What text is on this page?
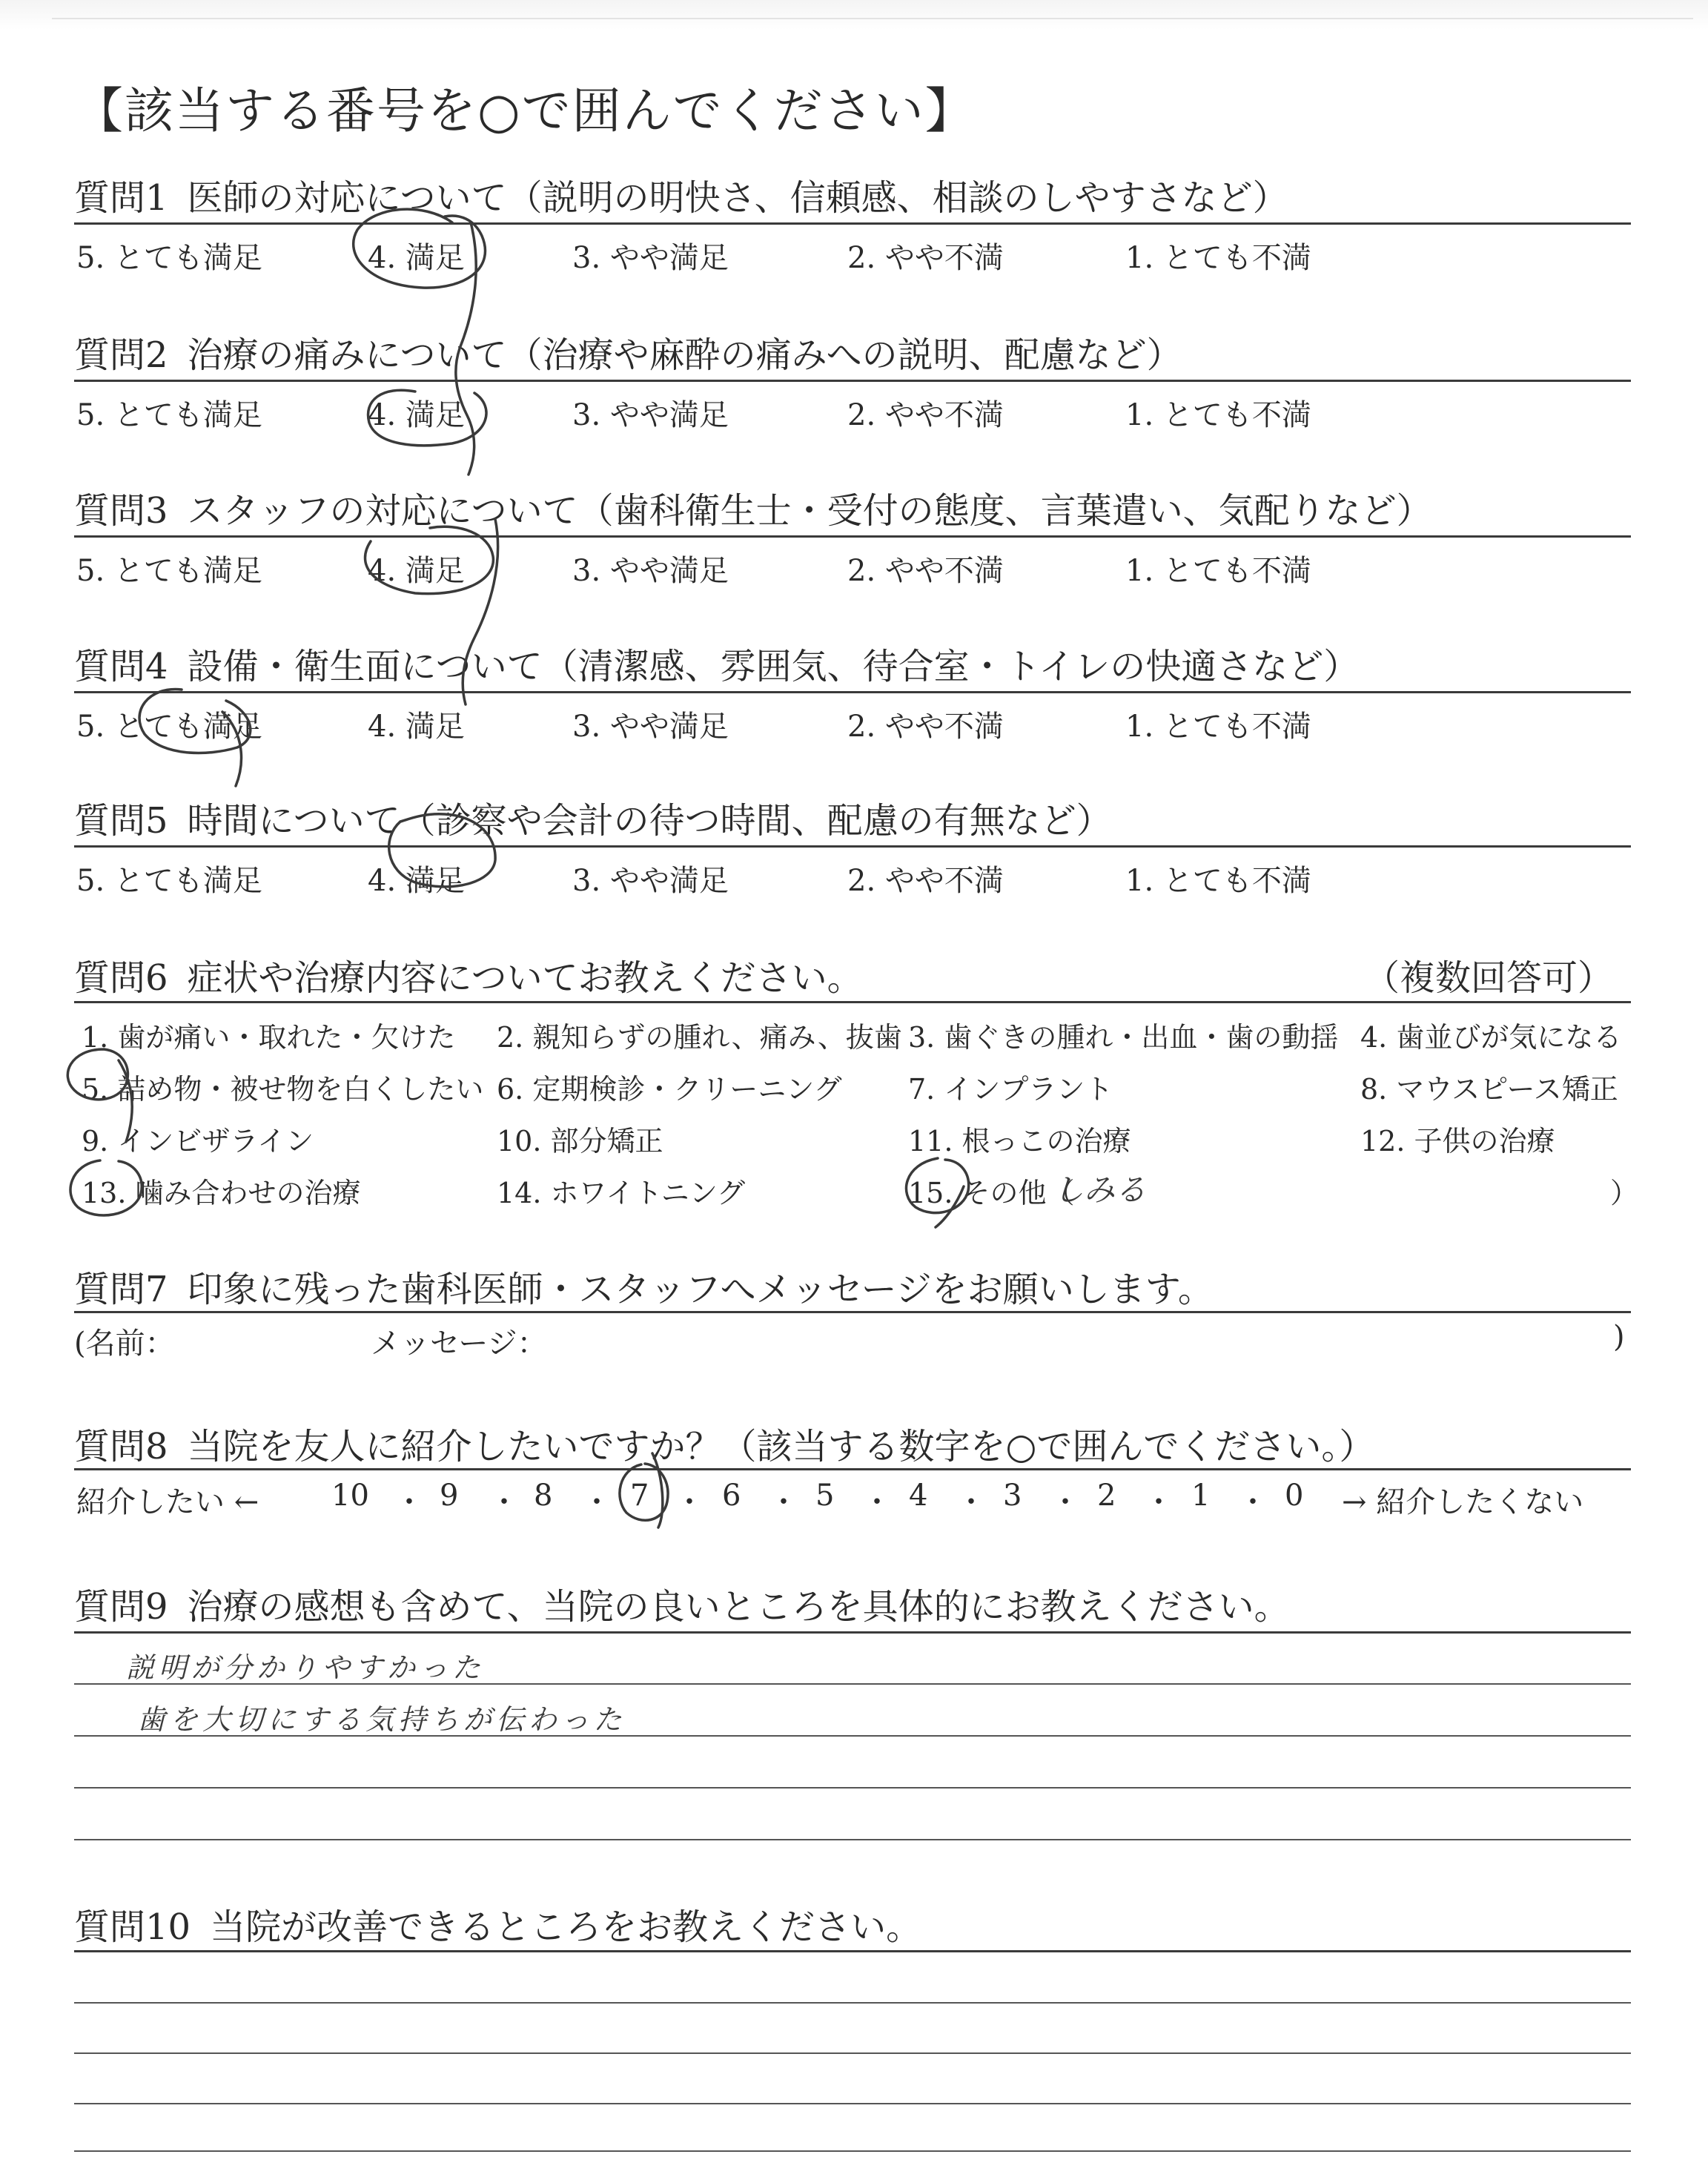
【該当する番号を○で囲んでください】
質問1 医師の対応について（説明の明快さ、信頼感、相談のしやすさなど）
5. とても満足	4. 満足	3. やや満足	2. やや不満	1. とても不満
質問2 治療の痛みについて（治療や麻酔の痛みへの説明、配慮など）
5. とても満足	4. 満足	3. やや満足	2. やや不満	1. とても不満
質問3 スタッフの対応について（歯科衛生士・受付の態度、言葉遣い、気配りなど）
5. とても満足	4. 満足	3. やや満足	2. やや不満	1. とても不満
質問4 設備・衛生面について（清潔感、雰囲気、待合室・トイレの快適さなど）
5. とても満足	4. 満足	3. やや満足	2. やや不満	1. とても不満
質問5 時間について（診察や会計の待つ時間、配慮の有無など）
5. とても満足	4. 満足	3. やや満足	2. やや不満	1. とても不満
質問6 症状や治療内容についてお教えください。	（複数回答可）
1. 歯が痛い・取れた・欠けた 2. 親知らずの腫れ、痛み、抜歯 3. 歯ぐきの腫れ・出血・歯の動揺 4. 歯並びが気になる
5. 詰め物・被せ物を白くしたい 6. 定期検診・クリーニング 7. インプラント	8. マウスピース矯正
9. インビザライン	10. 部分矯正	11. 根っこの治療	12. 子供の治療
13. 噛み合わせの治療	14. ホワイトニング	15. その他（
しみる	）
質問7 印象に残った歯科医師・スタッフへメッセージをお願いします。
(名前：	メッセージ：	)
質問8 当院を友人に紹介したいですか？（該当する数字を○で囲んでください。）
紹介したい ← 10 ・ 9 ・ 8 ・ 7 ・ 6 ・ 5 ・ 4 ・ 3 ・ 2 ・ 1 ・ 0 → 紹介したくない
質問9 治療の感想も含めて、当院の良いところを具体的にお教えください。
説明が分かりやすかった
歯を大切にする気持ちが伝わった
質問10 当院が改善できるところをお教えください。
